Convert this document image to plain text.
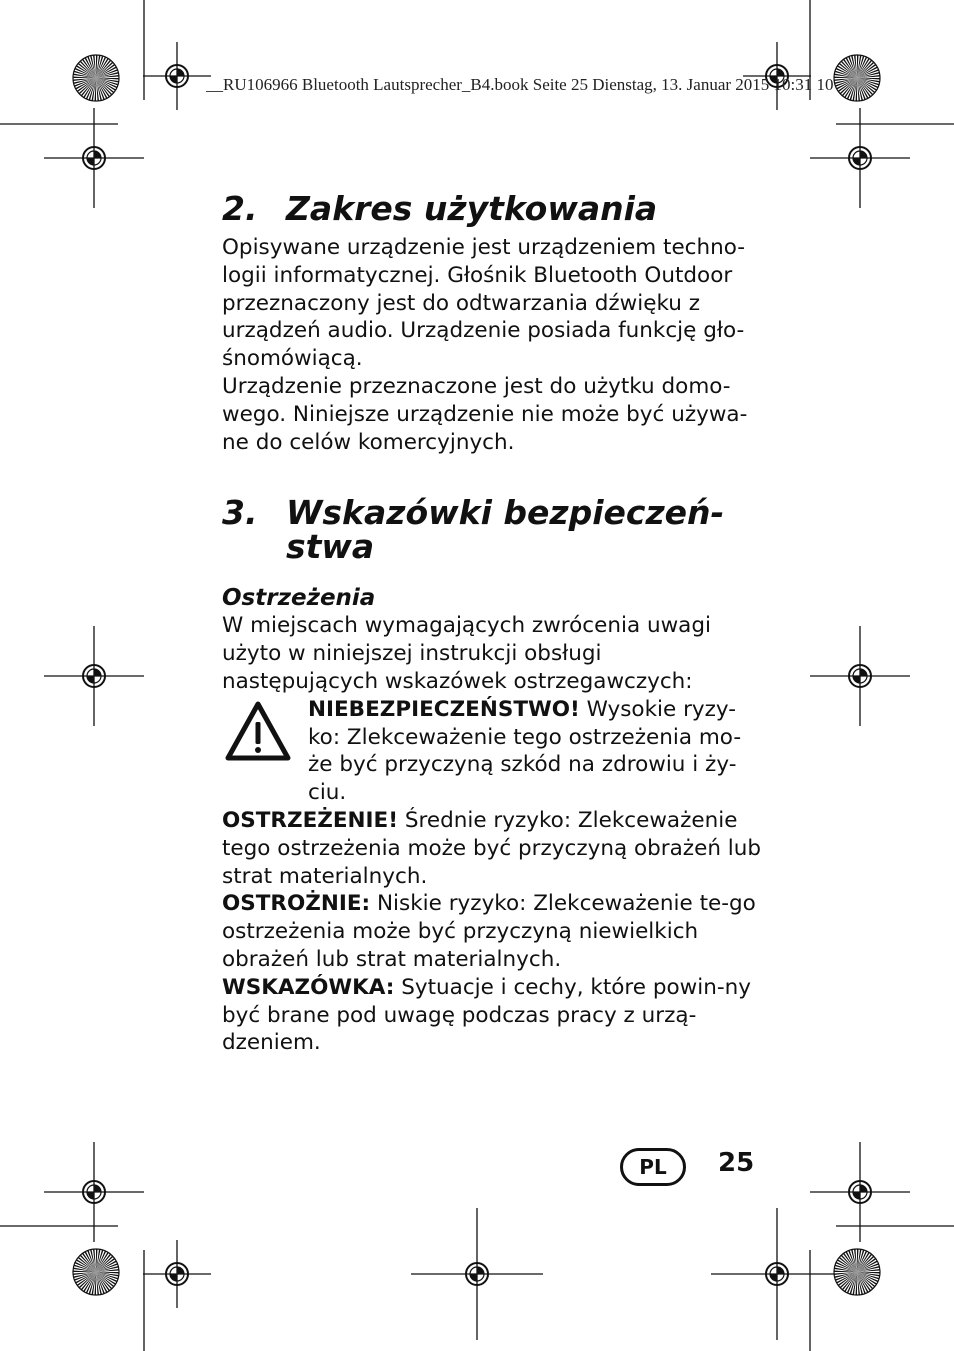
__RU106966 Bluetooth Lautsprecher_B4.book Seite 25 Dienstag, 13. Januar 2015 10:31 10
2. Zakres użytkowania

Opisywane urządzenie jest urządzeniem techno-logii informatycznej. Głośnik Bluetooth Outdoor przeznaczony jest do odtwarzania dźwięku z urządzeń audio. Urządzenie posiada funkcję gło-śnomówiącą.

Urządzenie przeznaczone jest do użytku domo-wego. Niniejsze urządzenie nie może być używa-ne do celów komercyjnych.

3. Wskazówki bezpieczeń-stwa
Ostrzeżenia

W miejscach wymagających zwrócenia uwagi użyto w niniejszej instrukcji obsługi następujących wskazówek ostrzegawczych:

NIEBEZPIECZEŃSTWO! Wysokie ryzy-ko: Zlekceważenie tego ostrzeżenia mo-że być przyczyną szkód na zdrowiu i ży-ciu.

OSTRZEŻENIE! Średnie ryzyko: Zlekceważenie tego ostrzeżenia może być przyczyną obrażeń lub strat materialnych.

OSTROŻNIE: Niskie ryzyko: Zlekceważenie te-go ostrzeżenia może być przyczyną niewielkich obrażeń lub strat materialnych.

WSKAZÓWKA: Sytuacje i cechy, które powin-ny być brane pod uwagę podczas pracy z urzą-dzeniem.

PL	25
